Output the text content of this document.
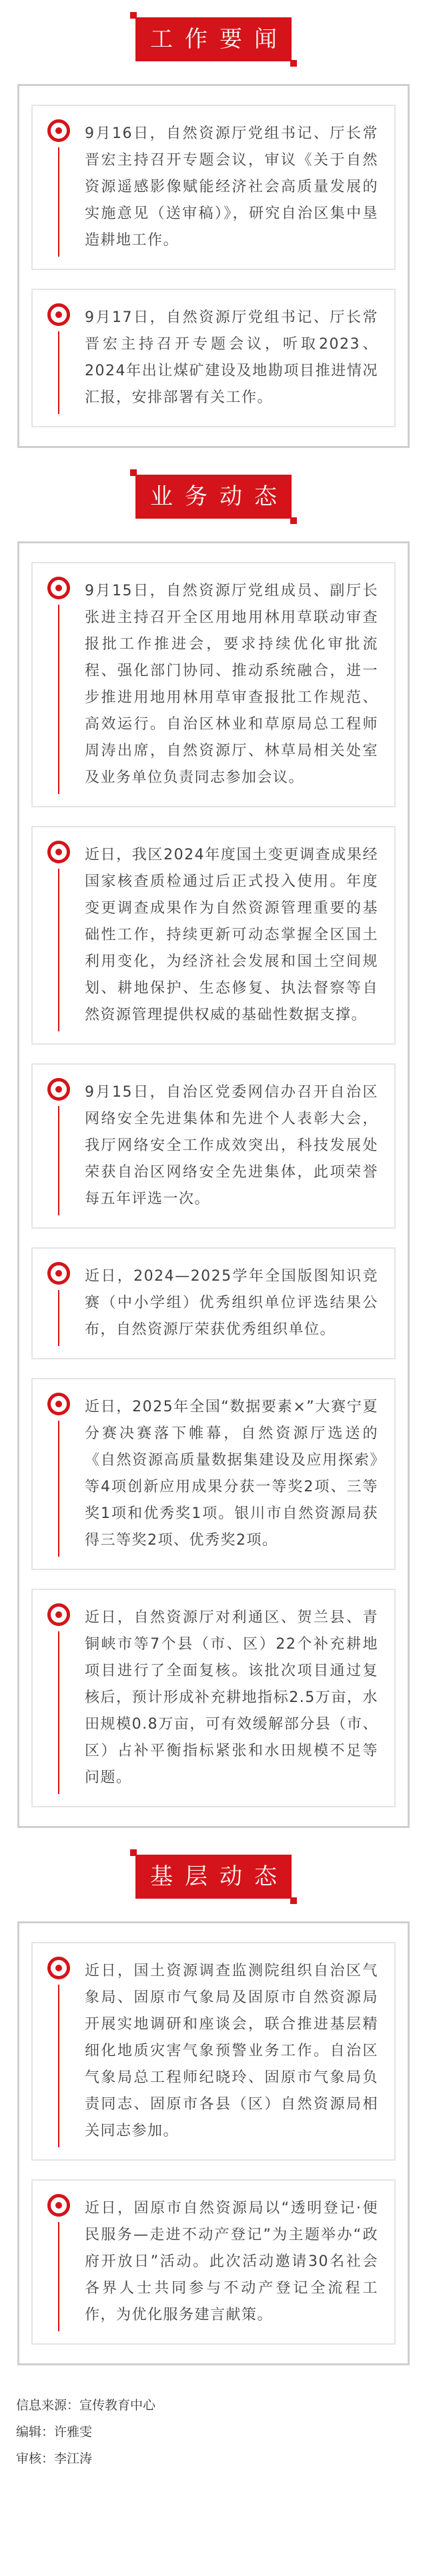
工作要闻

9月16日，自然资源厅党组书记、厅长常晋宏主持召开专题会议，审议《关于自然资源遥感影像赋能经济社会高质量发展的实施意见（送审稿）》，研究自治区集中垦造耕地工作。

9月17日，自然资源厅党组书记、厅长常晋宏主持召开专题会议，听取2023、2024年出让煤矿建设及地勘项目推进情况汇报，安排部署有关工作。

业务动态

9月15日，自然资源厅党组成员、副厅长张进主持召开全区用地用林用草联动审查报批工作推进会，要求持续优化审批流程、强化部门协同、推动系统融合，进一步推进用地用林用草审查报批工作规范、高效运行。自治区林业和草原局总工程师周涛出席，自然资源厅、林草局相关处室及业务单位负责同志参加会议。

近日，我区2024年度国土变更调查成果经国家核查质检通过后正式投入使用。年度变更调查成果作为自然资源管理重要的基础性工作，持续更新可动态掌握全区国土利用变化，为经济社会发展和国土空间规划、耕地保护、生态修复、执法督察等自然资源管理提供权威的基础性数据支撑。

9月15日，自治区党委网信办召开自治区网络安全先进集体和先进个人表彰大会，我厅网络安全工作成效突出，科技发展处荣获自治区网络安全先进集体，此项荣誉每五年评选一次。

近日，2024—2025学年全国版图知识竞赛（中小学组）优秀组织单位评选结果公布，自然资源厅荣获优秀组织单位。

近日，2025年全国“数据要素×”大赛宁夏分赛决赛落下帷幕，自然资源厅选送的《自然资源高质量数据集建设及应用探索》等4项创新应用成果分获一等奖2项、三等奖1项和优秀奖1项。银川市自然资源局获得三等奖2项、优秀奖2项。

近日，自然资源厅对利通区、贺兰县、青铜峡市等7个县（市、区）22个补充耕地项目进行了全面复核。该批次项目通过复核后，预计形成补充耕地指标2.5万亩，水田规模0.8万亩，可有效缓解部分县（市、区）占补平衡指标紧张和水田规模不足等问题。

基层动态

近日，国土资源调查监测院组织自治区气象局、固原市气象局及固原市自然资源局开展实地调研和座谈会，联合推进基层精细化地质灾害气象预警业务工作。自治区气象局总工程师纪晓玲、固原市气象局负责同志、固原市各县（区）自然资源局相关同志参加。

近日，固原市自然资源局以“透明登记·便民服务—走进不动产登记”为主题举办“政府开放日”活动。此次活动邀请30名社会各界人士共同参与不动产登记全流程工作，为优化服务建言献策。

信息来源：宣传教育中心

编辑：许雅雯

审核：李江涛
